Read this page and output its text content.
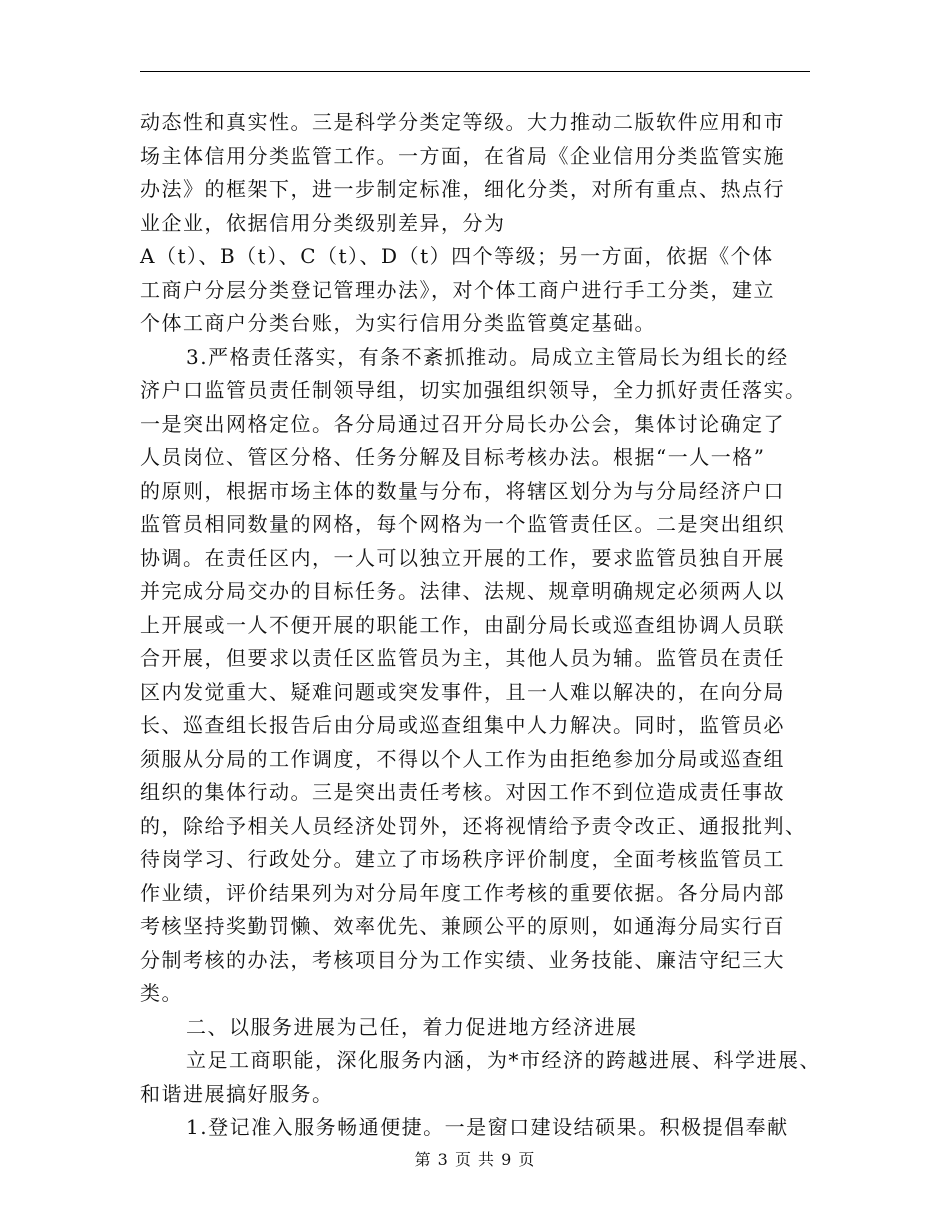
动态性和真实性。三是科学分类定等级。大力推动二版软件应用和市
场主体信用分类监管工作。一方面，在省局《企业信用分类监管实施
办法》的框架下，进一步制定标准，细化分类，对所有重点、热点行
业企业，依据信用分类级别差异，分为
A（t）、B（t）、C（t）、D（t）四个等级；另一方面，依据《个体
工商户分层分类登记管理办法》，对个体工商户进行手工分类，建立
个体工商户分类台账，为实行信用分类监管奠定基础。
3.严格责任落实，有条不紊抓推动。局成立主管局长为组长的经
济户口监管员责任制领导组，切实加强组织领导，全力抓好责任落实。
一是突出网格定位。各分局通过召开分局长办公会，集体讨论确定了
人员岗位、管区分格、任务分解及目标考核办法。根据“一人一格”
的原则，根据市场主体的数量与分布，将辖区划分为与分局经济户口
监管员相同数量的网格，每个网格为一个监管责任区。二是突出组织
协调。在责任区内，一人可以独立开展的工作，要求监管员独自开展
并完成分局交办的目标任务。法律、法规、规章明确规定必须两人以
上开展或一人不便开展的职能工作，由副分局长或巡查组协调人员联
合开展，但要求以责任区监管员为主，其他人员为辅。监管员在责任
区内发觉重大、疑难问题或突发事件，且一人难以解决的，在向分局
长、巡查组长报告后由分局或巡查组集中人力解决。同时，监管员必
须服从分局的工作调度，不得以个人工作为由拒绝参加分局或巡查组
组织的集体行动。三是突出责任考核。对因工作不到位造成责任事故
的，除给予相关人员经济处罚外，还将视情给予责令改正、通报批判、
待岗学习、行政处分。建立了市场秩序评价制度，全面考核监管员工
作业绩，评价结果列为对分局年度工作考核的重要依据。各分局内部
考核坚持奖勤罚懒、效率优先、兼顾公平的原则，如通海分局实行百
分制考核的办法，考核项目分为工作实绩、业务技能、廉洁守纪三大
类。
二、以服务进展为己任，着力促进地方经济进展
立足工商职能，深化服务内涵，为*市经济的跨越进展、科学进展、
和谐进展搞好服务。
1.登记准入服务畅通便捷。一是窗口建设结硕果。积极提倡奉献
第 3 页 共 9 页
